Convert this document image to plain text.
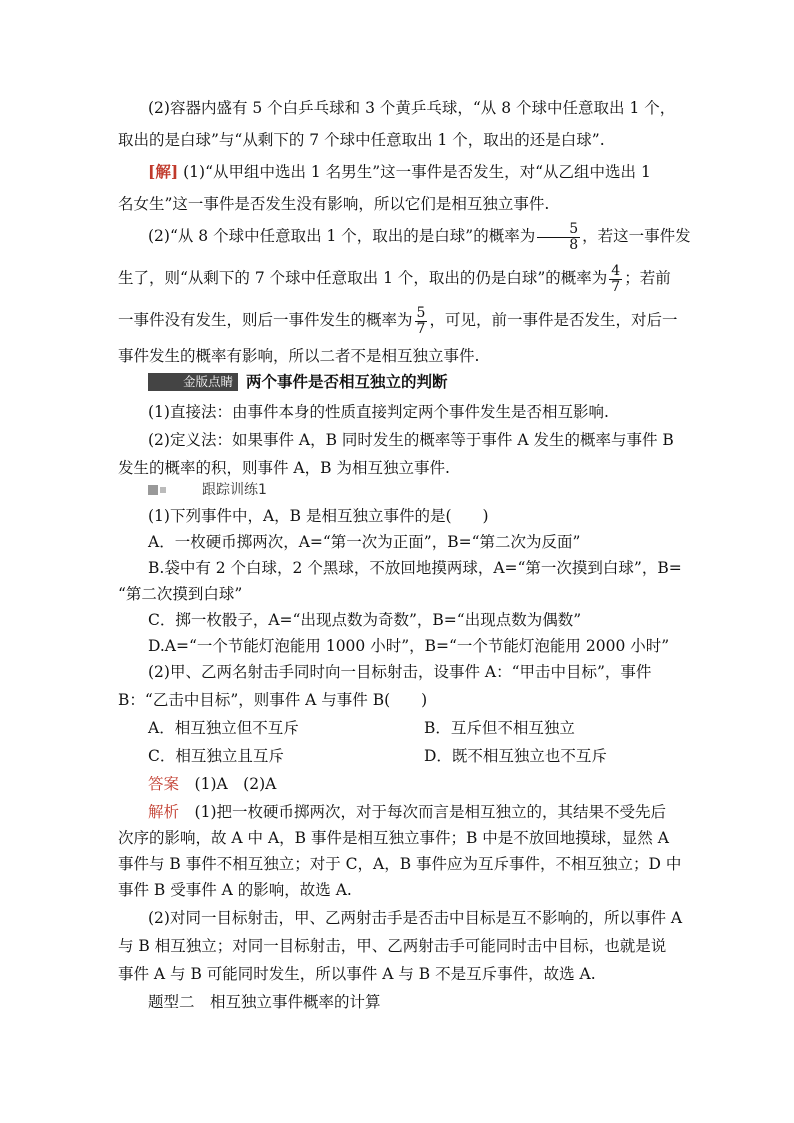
(2)容器内盛有 5 个白乒乓球和 3 个黄乒乓球，“从 8 个球中任意取出 1 个，
取出的是白球”与“从剩下的 7 个球中任意取出 1 个，取出的还是白球”.
[解] (1)“从甲组中选出 1 名男生”这一事件是否发生，对“从乙组中选出 1
名女生”这一事件是否发生没有影响，所以它们是相互独立事件.
(2)“从 8 个球中任意取出 1 个，取出的是白球”的概率为 $\frac{5}{8}$ ，若这一事件发
生了，则“从剩下的 7 个球中任意取出 1 个，取出的仍是白球”的概率为 $\frac{4}{7}$ ；若前
一事件没有发生，则后一事件发生的概率为 $\frac{5}{7}$ ，可见，前一事件是否发生，对后一
事件发生的概率有影响，所以二者不是相互独立事件.
金版点睛 两个事件是否相互独立的判断
(1)直接法：由事件本身的性质直接判定两个事件发生是否相互影响.
(2)定义法：如果事件 A，B 同时发生的概率等于事件 A 发生的概率与事件 B
发生的概率的积，则事件 A，B 为相互独立事件.
跟踪训练1
(1)下列事件中，A，B 是相互独立事件的是(　　)
A．一枚硬币掷两次，A=“第一次为正面”，B=“第二次为反面”
B.袋中有 2 个白球，2 个黑球，不放回地摸两球，A=“第一次摸到白球”，B=
“第二次摸到白球”
C．掷一枚骰子，A=“出现点数为奇数”，B=“出现点数为偶数”
D.A=“一个节能灯泡能用 1000 小时”，B=“一个节能灯泡能用 2000 小时”
(2)甲、乙两名射击手同时向一目标射击，设事件 A：“甲击中目标”，事件
B：“乙击中目标”，则事件 A 与事件 B(　　)
A．相互独立但不互斥	B．互斥但不相互独立
C．相互独立且互斥	D．既不相互独立也不互斥
答案　 (1)A　(2)A
解析　 (1)把一枚硬币掷两次，对于每次而言是相互独立的，其结果不受先后
次序的影响，故 A 中 A，B 事件是相互独立事件；B 中是不放回地摸球，显然 A
事件与 B 事件不相互独立；对于 C，A，B 事件应为互斥事件，不相互独立；D 中
事件 B 受事件 A 的影响，故选 A.
(2)对同一目标射击，甲、乙两射击手是否击中目标是互不影响的，所以事件 A
与 B 相互独立；对同一目标射击，甲、乙两射击手可能同时击中目标，也就是说
事件 A 与 B 可能同时发生，所以事件 A 与 B 不是互斥事件，故选 A.
题型二　相互独立事件概率的计算
